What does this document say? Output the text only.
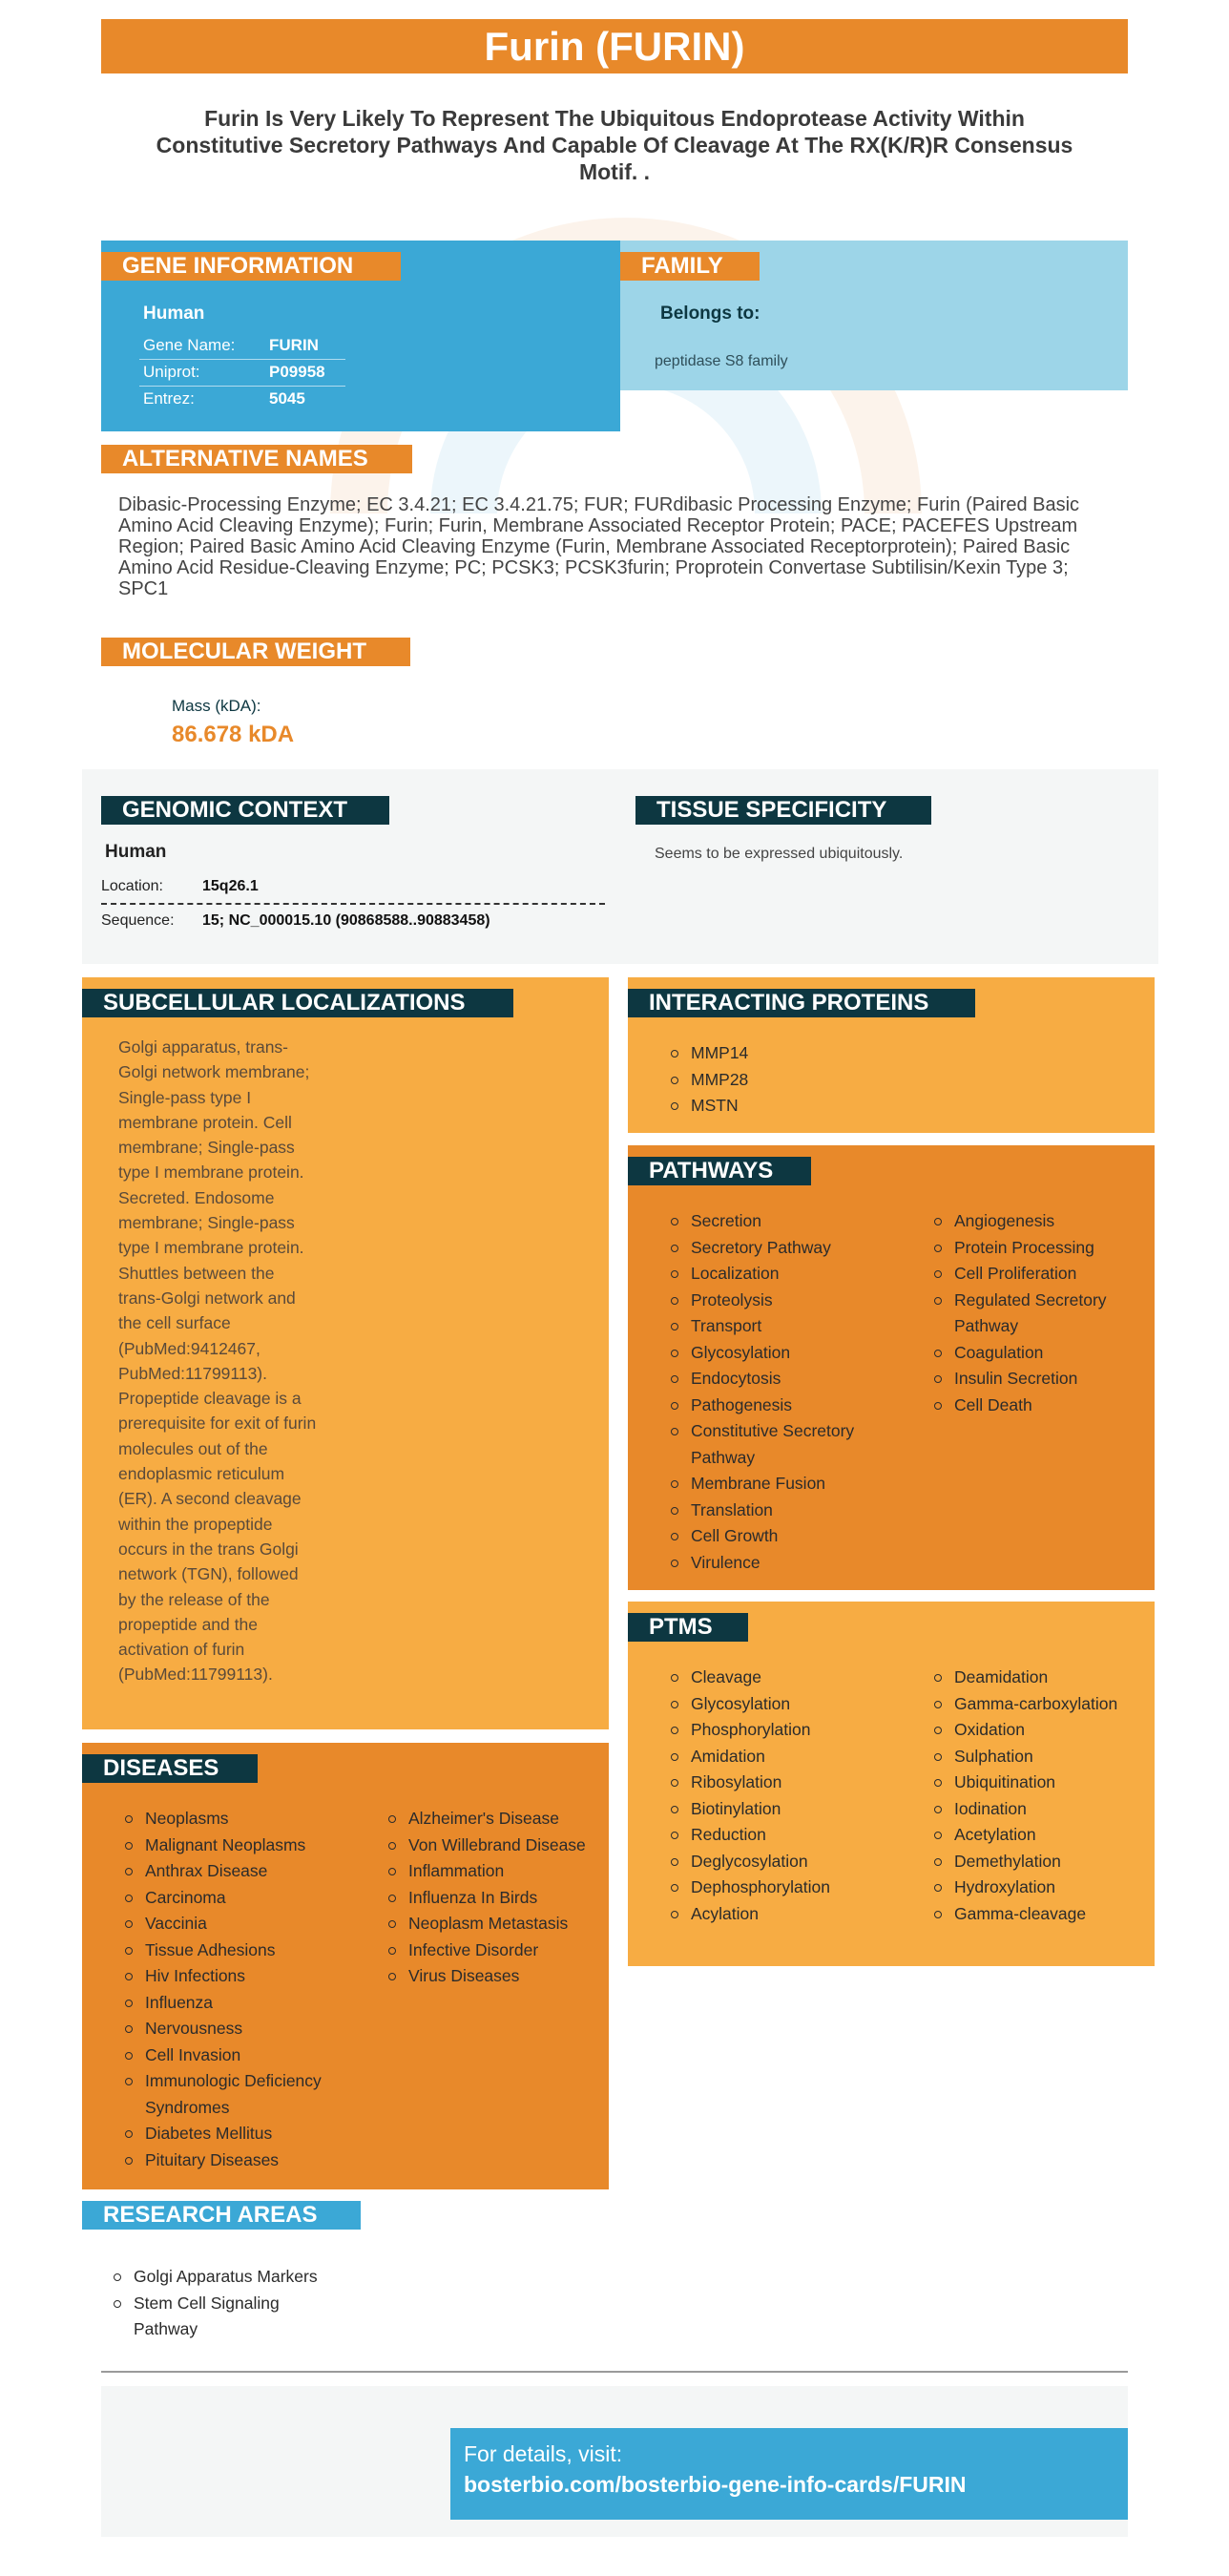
Furin (FURIN)
Furin Is Very Likely To Represent The Ubiquitous Endoprotease Activity Within Constitutive Secretory Pathways And Capable Of Cleavage At The RX(K/R)R Consensus Motif. .
GENE INFORMATION
Human
Gene Name: FURIN
Uniprot:	P09958
Entrez:	5045
FAMILY
Belongs to:
peptidase S8 family
ALTERNATIVE NAMES
Dibasic-Processing Enzyme; EC 3.4.21; EC 3.4.21.75; FUR; FURdibasic Processing Enzyme; Furin (Paired Basic Amino Acid Cleaving Enzyme); Furin; Furin, Membrane Associated Receptor Protein; PACE; PACEFES Upstream Region; Paired Basic Amino Acid Cleaving Enzyme (Furin, Membrane Associated Receptorprotein); Paired Basic Amino Acid Residue-Cleaving Enzyme; PC; PCSK3; PCSK3furin; Proprotein Convertase Subtilisin/Kexin Type 3; SPC1
MOLECULAR WEIGHT
Mass (kDA):
86.678 kDA
GENOMIC CONTEXT
Human
Location:	15q26.1
Sequence: 15; NC_000015.10 (90868588..90883458)
TISSUE SPECIFICITY
Seems to be expressed ubiquitously.
SUBCELLULAR LOCALIZATIONS
Golgi apparatus, trans-Golgi network membrane; Single-pass type I membrane protein. Cell membrane; Single-pass type I membrane protein. Secreted. Endosome membrane; Single-pass type I membrane protein. Shuttles between the trans-Golgi network and the cell surface (PubMed:9412467, PubMed:11799113). Propeptide cleavage is a prerequisite for exit of furin molecules out of the endoplasmic reticulum (ER). A second cleavage within the propeptide occurs in the trans Golgi network (TGN), followed by the release of the propeptide and the activation of furin (PubMed:11799113).
INTERACTING PROTEINS
MMP14
MMP28
MSTN
PATHWAYS
Secretion
Secretory Pathway
Localization
Proteolysis
Transport
Glycosylation
Endocytosis
Pathogenesis
Constitutive Secretory Pathway
Membrane Fusion
Translation
Cell Growth
Virulence
Angiogenesis
Protein Processing
Cell Proliferation
Regulated Secretory Pathway
Coagulation
Insulin Secretion
Cell Death
PTMS
Cleavage
Glycosylation
Phosphorylation
Amidation
Ribosylation
Biotinylation
Reduction
Deglycosylation
Dephosphorylation
Acylation
Deamidation
Gamma-carboxylation
Oxidation
Sulphation
Ubiquitination
Iodination
Acetylation
Demethylation
Hydroxylation
Gamma-cleavage
DISEASES
Neoplasms
Malignant Neoplasms
Anthrax Disease
Carcinoma
Vaccinia
Tissue Adhesions
Hiv Infections
Influenza
Nervousness
Cell Invasion
Immunologic Deficiency Syndromes
Diabetes Mellitus
Pituitary Diseases
Alzheimer's Disease
Von Willebrand Disease
Inflammation
Influenza In Birds
Neoplasm Metastasis
Infective Disorder
Virus Diseases
RESEARCH AREAS
Golgi Apparatus Markers
Stem Cell Signaling Pathway
For details, visit:
bosterbio.com/bosterbio-gene-info-cards/FURIN
